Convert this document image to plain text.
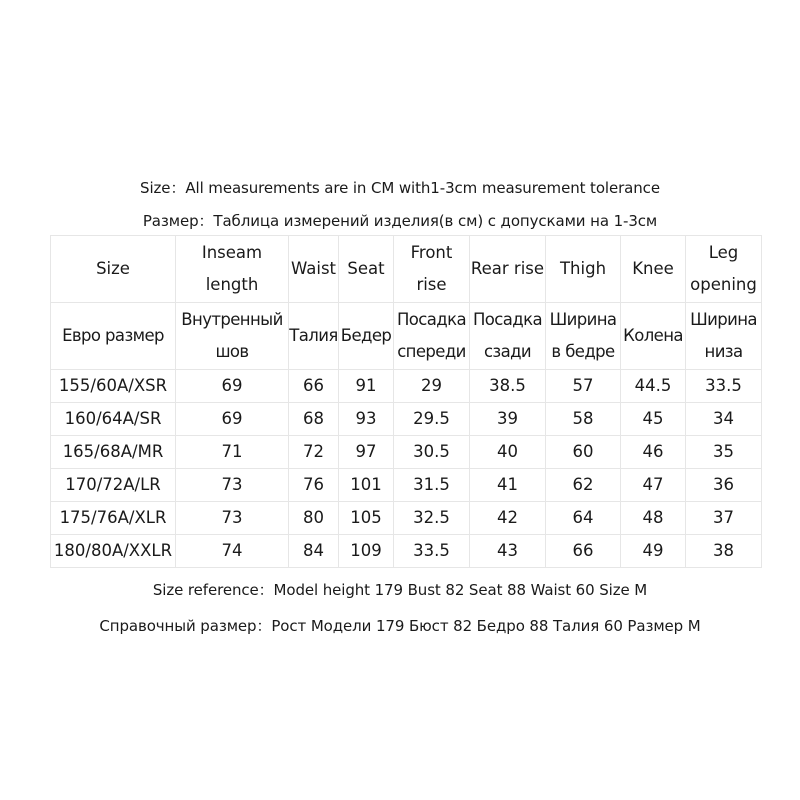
Size：All measurements are in CM with1-3cm measurement tolerance
Размер：Таблица измерений изделия(в см) с допусками на 1-3см
Size	Inseam length	Waist	Seat	Front rise	Rear rise	Thigh	Knee	Leg opening
Евро размер	Внутренный шов	Талия	Бедер	Посадка спереди	Посадка сзади	Ширина в бедре	Колена	Ширина низа
155/60A/XSR	69	66	91	29	38.5	57	44.5	33.5
160/64A/SR	69	68	93	29.5	39	58	45	34
165/68A/MR	71	72	97	30.5	40	60	46	35
170/72A/LR	73	76	101	31.5	41	62	47	36
175/76A/XLR	73	80	105	32.5	42	64	48	37
180/80A/XXLR	74	84	109	33.5	43	66	49	38
Size reference：Model height 179 Bust 82 Seat 88 Waist 60 Size M
Справочный размер：Рост Модели 179 Бюст 82 Бедро 88 Талия 60 Размер M
